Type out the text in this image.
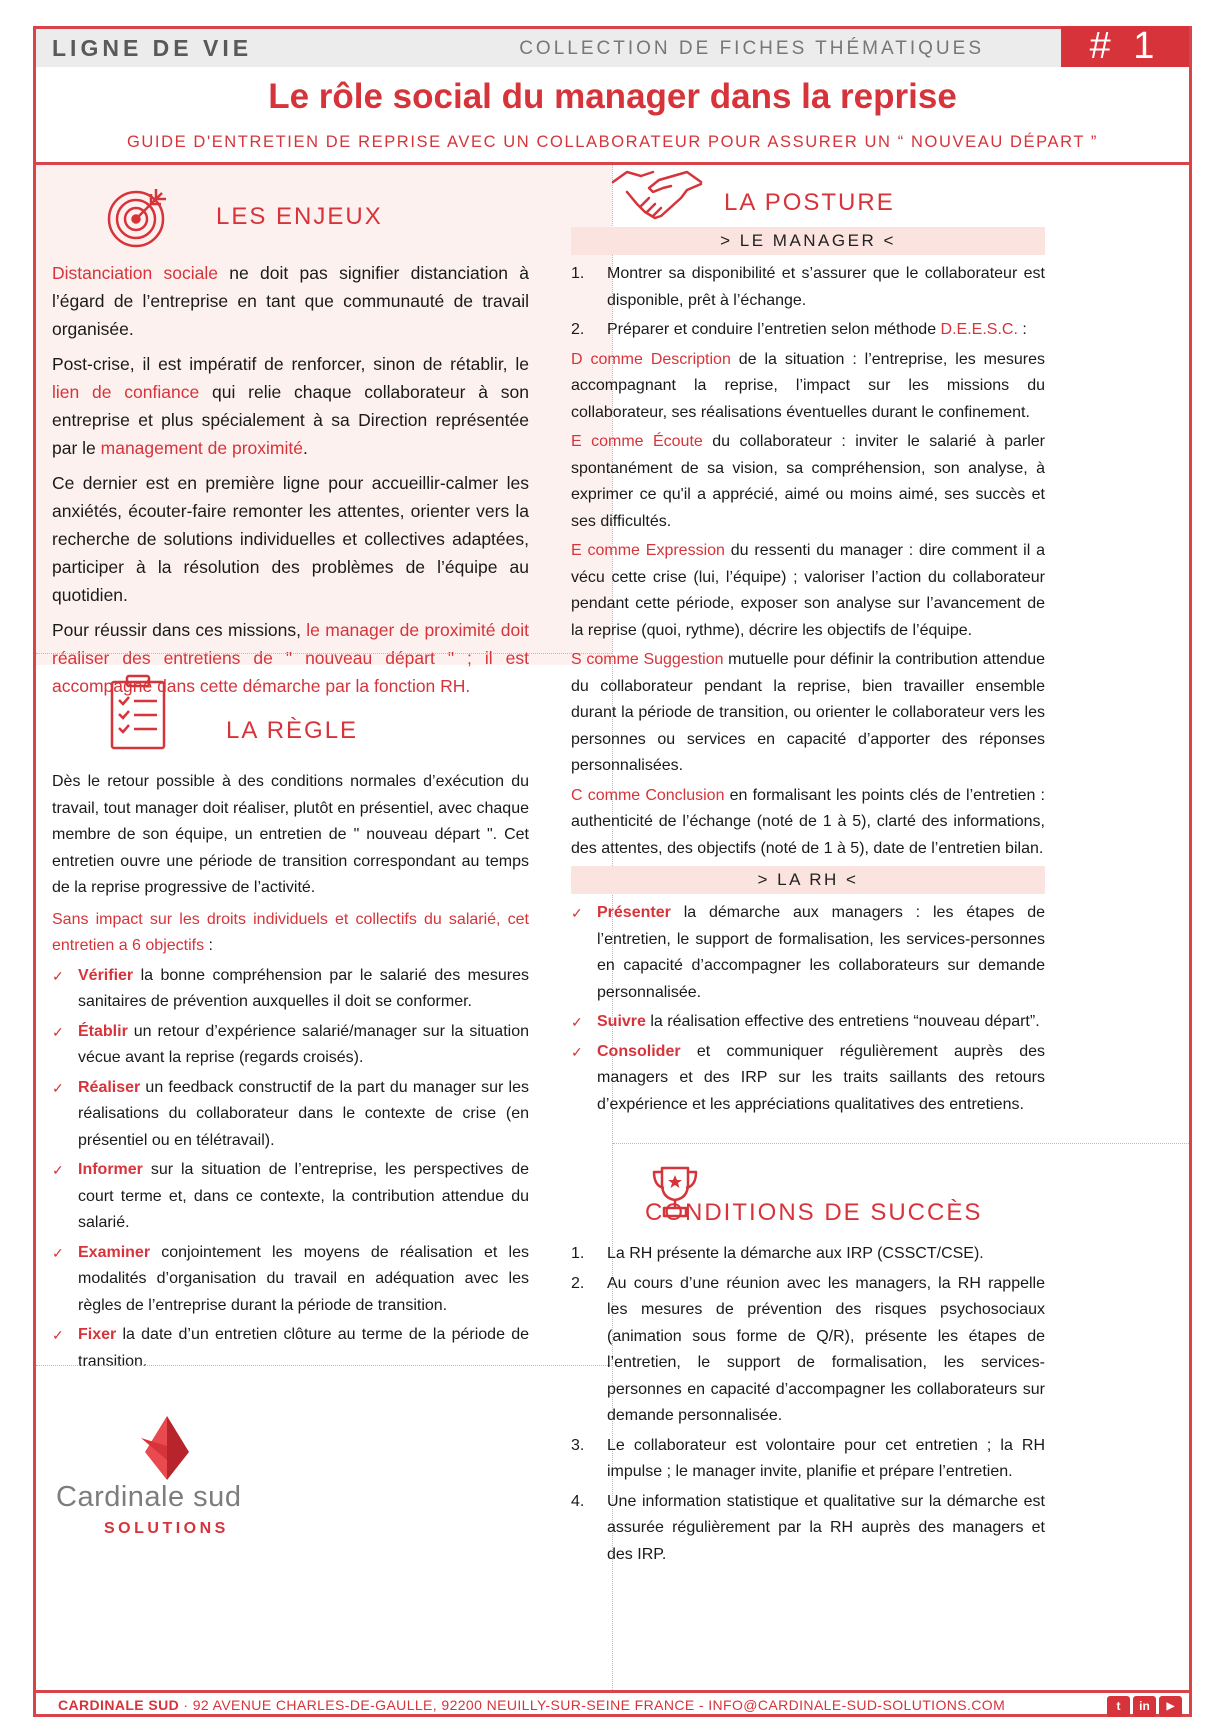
LIGNE DE VIE	COLLECTION DE FICHES THÉMATIQUES	# 1
Le rôle social du manager dans la reprise
GUIDE D'ENTRETIEN DE REPRISE AVEC UN COLLABORATEUR POUR ASSURER UN “ NOUVEAU DÉPART ”
LES ENJEUX

Distanciation sociale ne doit pas signifier distanciation à l’égard de l’entreprise en tant que communauté de travail organisée.

Post-crise, il est impératif de renforcer, sinon de rétablir, le lien de confiance qui relie chaque collaborateur à son entreprise et plus spécialement à sa Direction représentée par le management de proximité.

Ce dernier est en première ligne pour accueillir-calmer les anxiétés, écouter-faire remonter les attentes, orienter vers la recherche de solutions individuelles et collectives adaptées, participer à la résolution des problèmes de l’équipe au quotidien.

Pour réussir dans ces missions, le manager de proximité doit réaliser des entretiens de " nouveau départ " ; il est accompagné dans cette démarche par la fonction RH.

LA RÈGLE

Dès le retour possible à des conditions normales d’exécution du travail, tout manager doit réaliser, plutôt en présentiel, avec chaque membre de son équipe, un entretien de " nouveau départ ". Cet entretien ouvre une période de transition correspondant au temps de la reprise progressive de l’activité.

Sans impact sur les droits individuels et collectifs du salarié, cet entretien a 6 objectifs :

✓ Vérifier la bonne compréhension par le salarié des mesures sanitaires de prévention auxquelles il doit se conformer.
✓ Établir un retour d’expérience salarié/manager sur la situation vécue avant la reprise (regards croisés).
✓ Réaliser un feedback constructif de la part du manager sur les réalisations du collaborateur dans le contexte de crise (en présentiel ou en télétravail).
✓ Informer sur la situation de l’entreprise, les perspectives de court terme et, dans ce contexte, la contribution attendue du salarié.
✓ Examiner conjointement les moyens de réalisation et les modalités d’organisation du travail en adéquation avec les règles de l’entreprise durant la période de transition.
✓ Fixer la date d’un entretien clôture au terme de la période de transition.
Cardinale sud
SOLUTIONS
LA POSTURE
> LE MANAGER <
1. Montrer sa disponibilité et s’assurer que le collaborateur est disponible, prêt à l’échange.
2. Préparer et conduire l’entretien selon méthode D.E.E.S.C. :

D comme Description de la situation : l’entreprise, les mesures accompagnant la reprise, l’impact sur les missions du collaborateur, ses réalisations éventuelles durant le confinement.

E comme Écoute du collaborateur : inviter le salarié à parler spontanément de sa vision, sa compréhension, son analyse, à exprimer ce qu'il a apprécié, aimé ou moins aimé, ses succès et ses difficultés.

E comme Expression du ressenti du manager : dire comment il a vécu cette crise (lui, l’équipe) ; valoriser l’action du collaborateur pendant cette période, exposer son analyse sur l’avancement de la reprise (quoi, rythme), décrire les objectifs de l’équipe.

S comme Suggestion mutuelle pour définir la contribution attendue du collaborateur pendant la reprise, bien travailler ensemble durant la période de transition, ou orienter le collaborateur vers les personnes ou services en capacité d’apporter des réponses personnalisées.

C comme Conclusion en formalisant les points clés de l’entretien : authenticité de l’échange (noté de 1 à 5), clarté des informations, des attentes, des objectifs (noté de 1 à 5), date de l’entretien bilan.

> LA RH <
✓ Présenter la démarche aux managers : les étapes de l’entretien, le support de formalisation, les services-personnes en capacité d’accompagner les collaborateurs sur demande personnalisée.
✓ Suivre la réalisation effective des entretiens “nouveau départ”.
✓ Consolider et communiquer régulièrement auprès des managers et des IRP sur les traits saillants des retours d’expérience et les appréciations qualitatives des entretiens.
CONDITIONS DE SUCCÈS
1. La RH présente la démarche aux IRP (CSSCT/CSE).
2. Au cours d’une réunion avec les managers, la RH rappelle les mesures de prévention des risques psychosociaux (animation sous forme de Q/R), présente les étapes de l’entretien, le support de formalisation, les services-personnes en capacité d’accompagner les collaborateurs sur demande personnalisée.
3. Le collaborateur est volontaire pour cet entretien ; la RH impulse ; le manager invite, planifie et prépare l’entretien.
4. Une information statistique et qualitative sur la démarche est assurée régulièrement par la RH auprès des managers et des IRP.
CARDINALE SUD · 92 AVENUE CHARLES-DE-GAULLE, 92200 NEUILLY-SUR-SEINE FRANCE - INFO@CARDINALE-SUD-SOLUTIONS.COM	t	in	▶
